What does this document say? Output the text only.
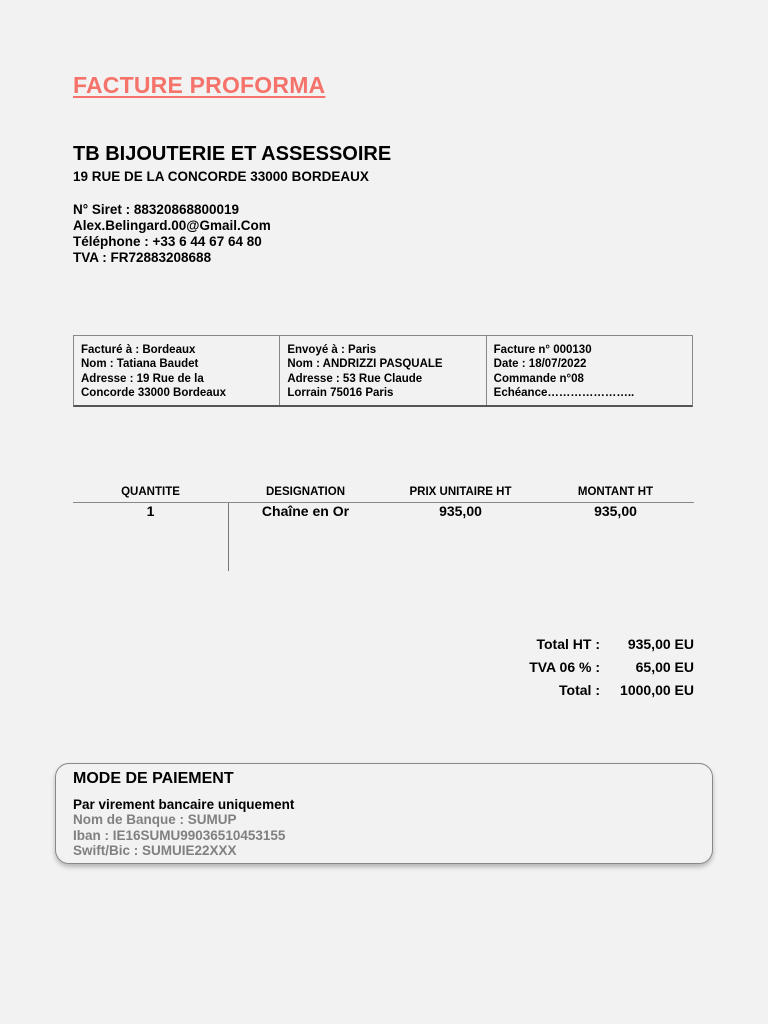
FACTURE PROFORMA
TB BIJOUTERIE ET ASSESSOIRE
19 RUE DE LA CONCORDE 33000 BORDEAUX
N° Siret : 88320868800019
Alex.Belingard.00@Gmail.Com
Téléphone : +33 6 44 67 64 80
TVA : FR72883208688
Facturé à : Bordeaux
Nom : Tatiana Baudet
Adresse : 19 Rue de la
Concorde 33000 Bordeaux
Envoyé à : Paris
Nom : ANDRIZZI PASQUALE
Adresse : 53 Rue Claude
Lorrain 75016 Paris
Facture n° 000130
Date : 18/07/2022
Commande n°08
Echéance…………………..
QUANTITE	DESIGNATION	PRIX UNITAIRE HT	MONTANT HT
1	Chaîne en Or	935,00	935,00
Total HT :	935,00 EU
TVA 06 % :	65,00 EU
Total :	1000,00 EU
MODE DE PAIEMENT
Par virement bancaire uniquement
Nom de Banque : SUMUP
Iban : IE16SUMU99036510453155
Swift/Bic : SUMUIE22XXX
